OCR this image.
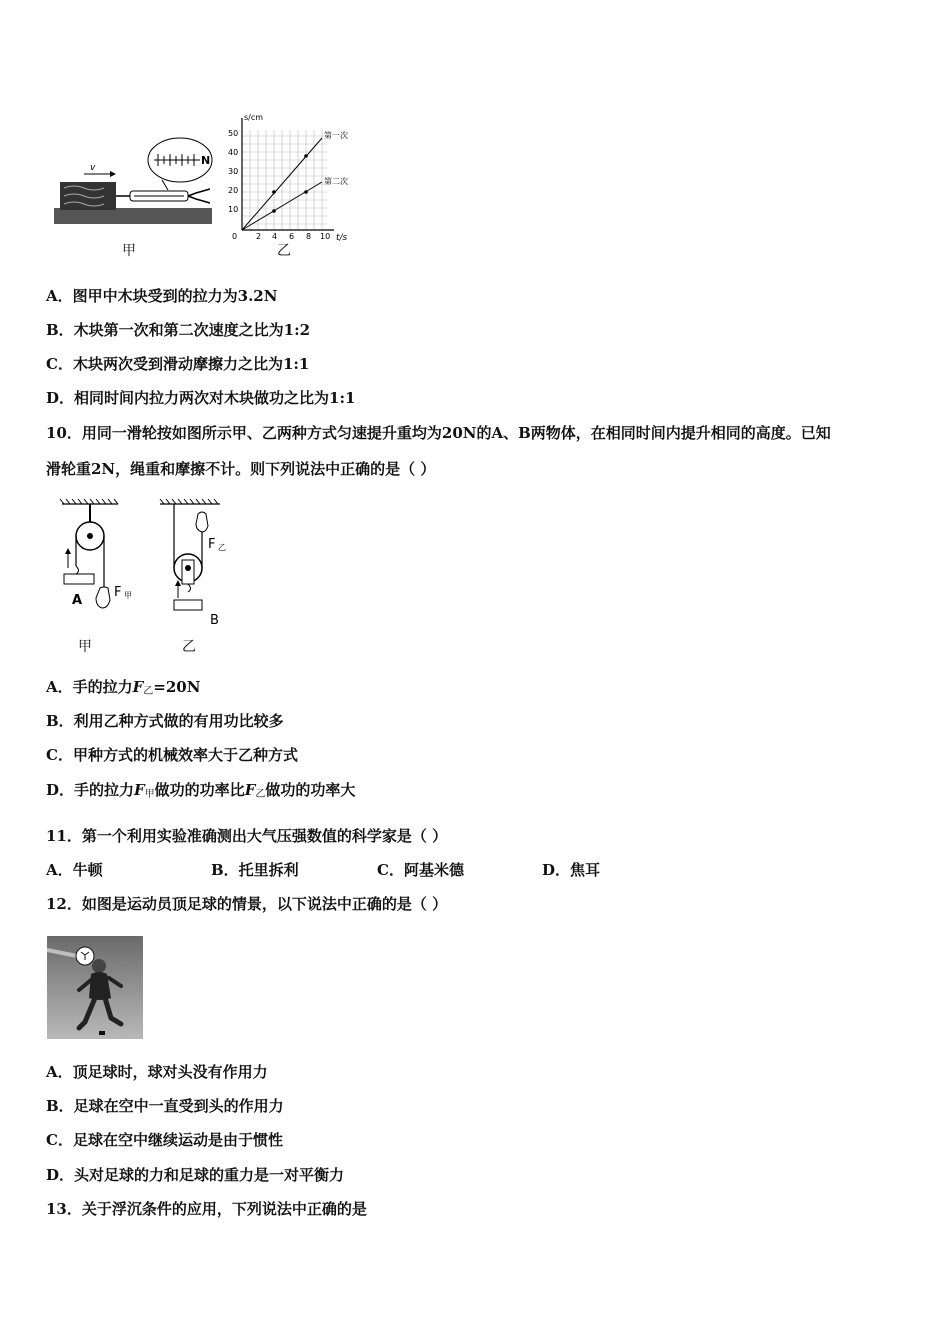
v
N
甲
s/cm
t/s
50
40
30
20
10
0 2 4 6 8 10
第一次
第二次
乙
A．图甲中木块受到的拉力为3.2N
B．木块第一次和第二次速度之比为1:2
C．木块两次受到滑动摩擦力之比为1:1
D．相同时间内拉力两次对木块做功之比为1:1
10．用同一滑轮按如图所示甲、乙两种方式匀速提升重均为20N的A、B两物体，在相同时间内提升相同的高度。已知
滑轮重2N，绳重和摩擦不计。则下列说法中正确的是（ ）
A
F 甲
F 乙
B
甲	乙
A．手的拉力$F_乙=20N$
B．利用乙种方式做的有用功比较多
C．甲种方式的机械效率大于乙种方式
D．手的拉力$F_甲$做功的功率比$F_乙$做功的功率大
11．第一个利用实验准确测出大气压强数值的科学家是（ ）
A．牛顿	B．托里拆利	C．阿基米德	D．焦耳
12．如图是运动员顶足球的情景，以下说法中正确的是（ ）
A．顶足球时，球对头没有作用力
B．足球在空中一直受到头的作用力
C．足球在空中继续运动是由于惯性
D．头对足球的力和足球的重力是一对平衡力
13．关于浮沉条件的应用，下列说法中正确的是
